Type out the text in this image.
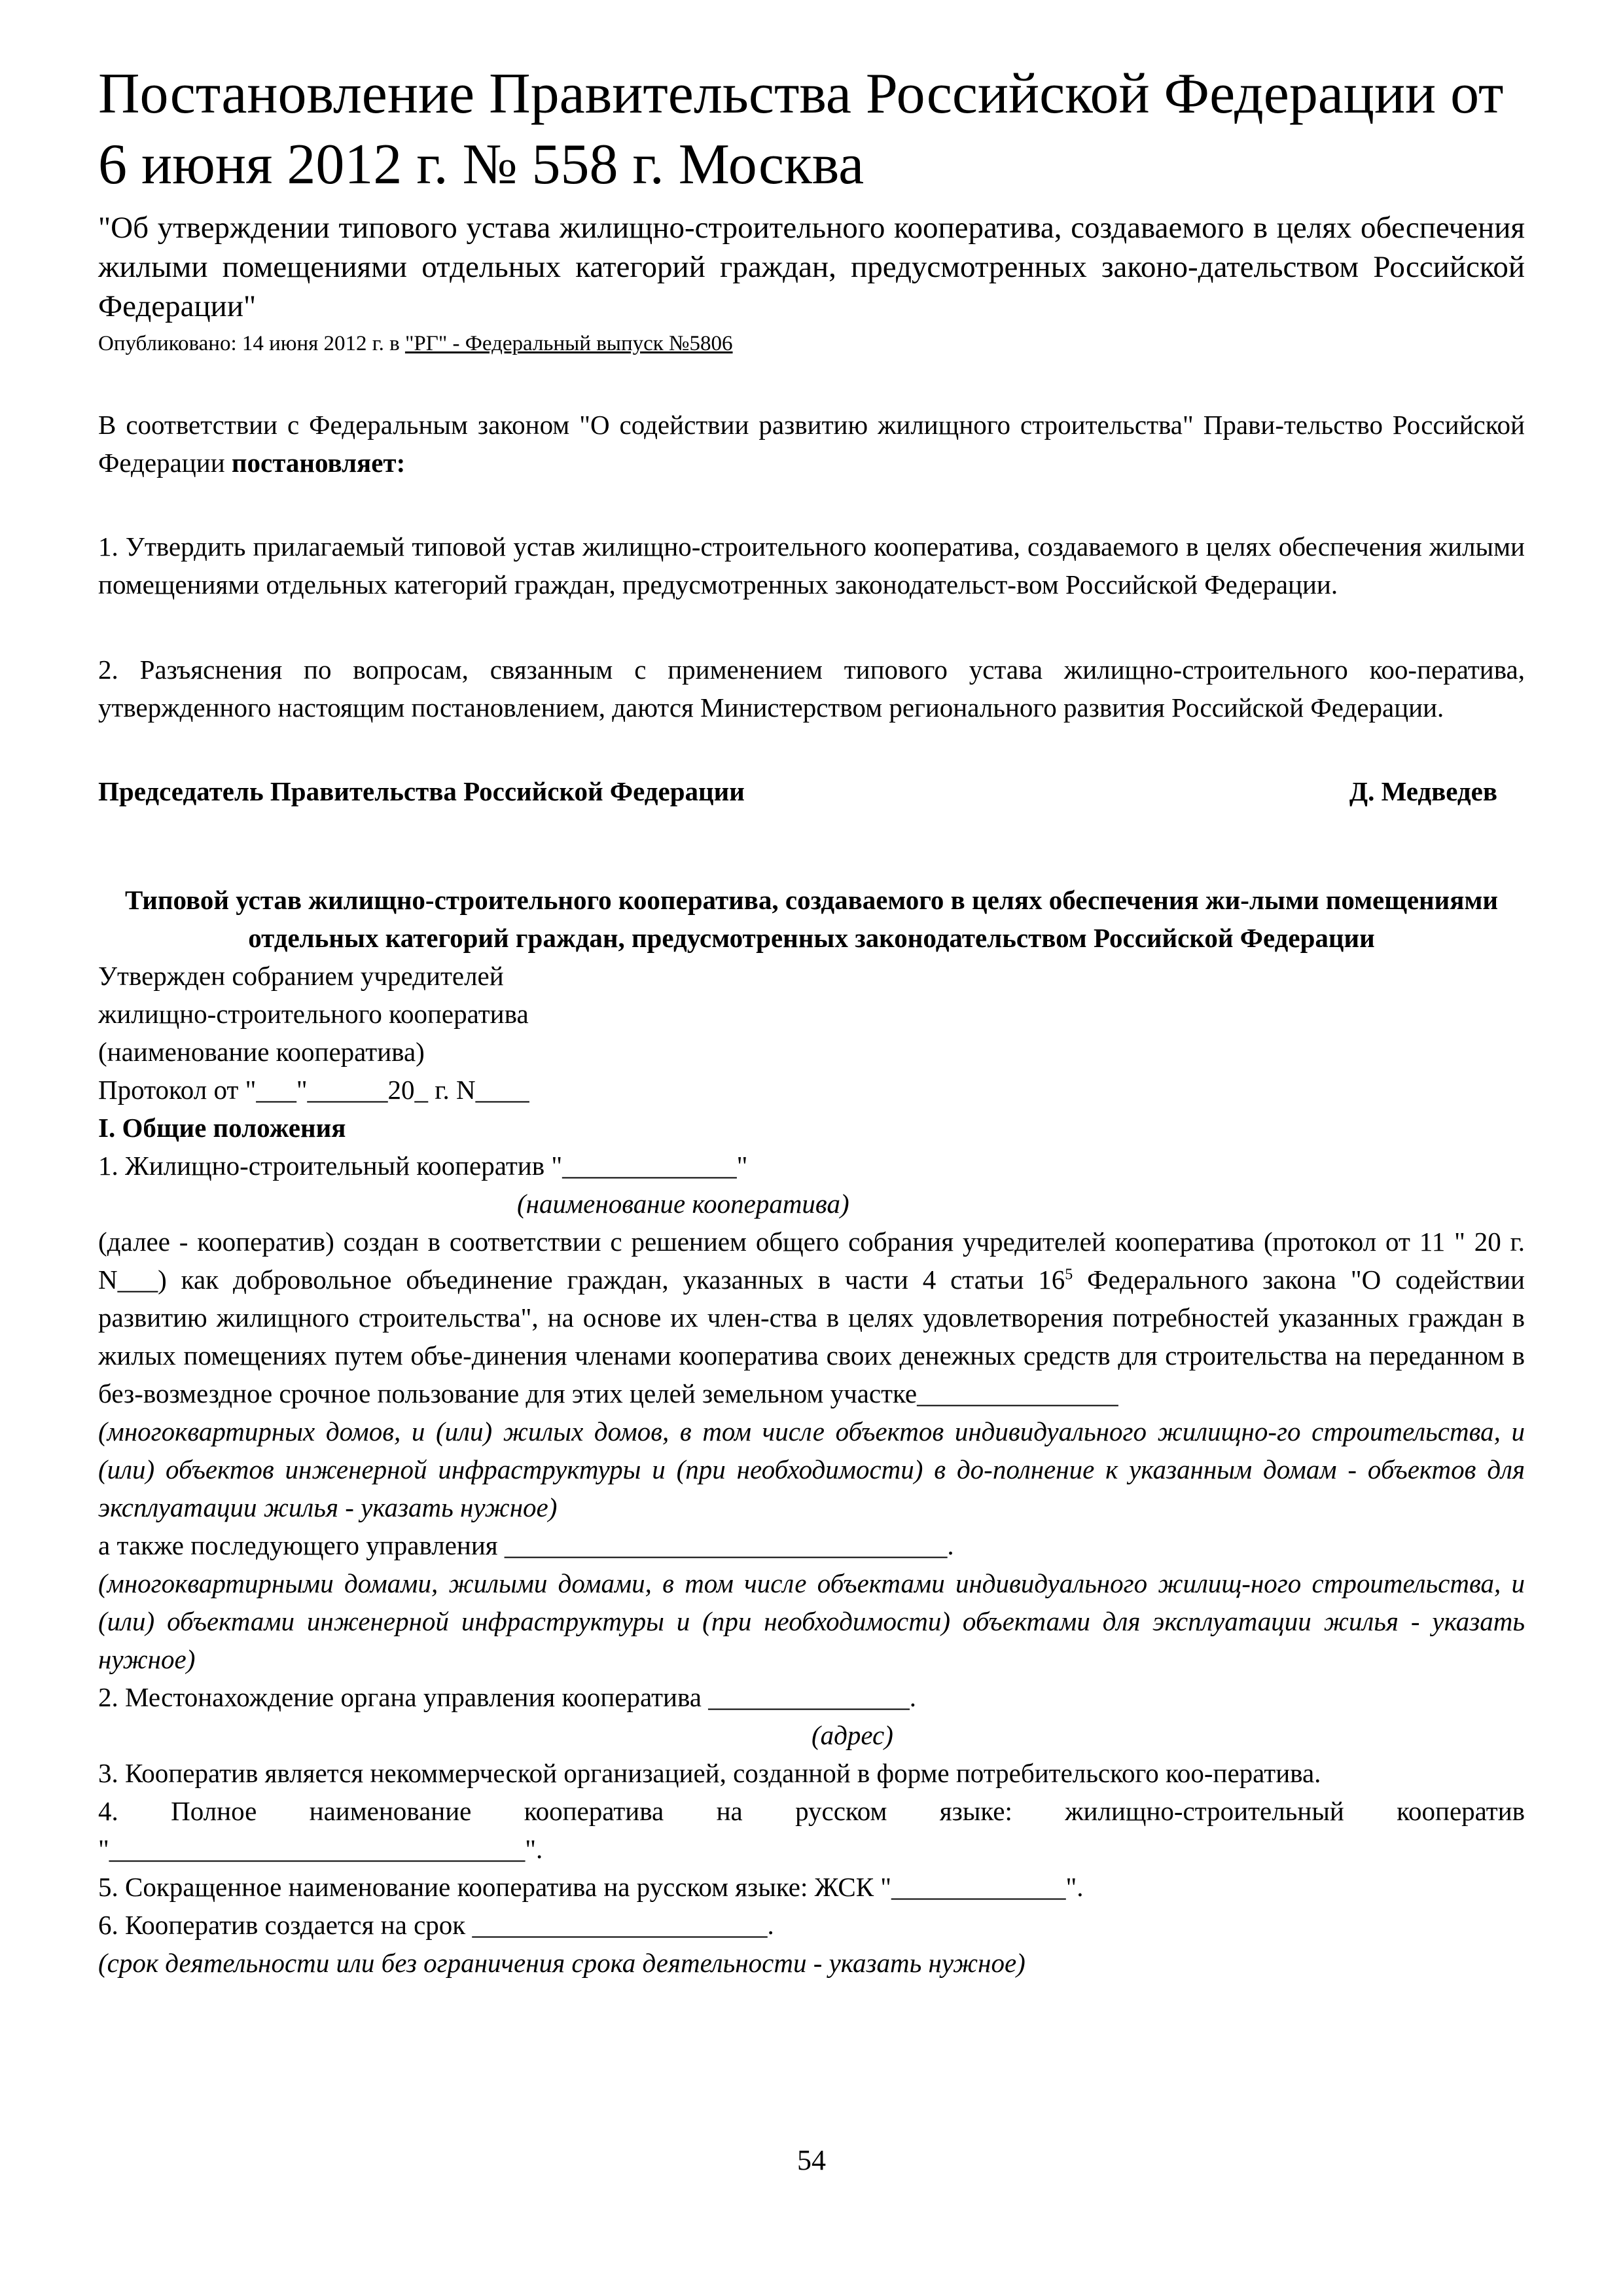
Постановление Правительства Российской Федерации от 6 июня 2012 г. № 558 г. Москва

"Об утверждении типового устава жилищно-строительного кооператива, создаваемого в целях обеспечения жилыми помещениями отдельных категорий граждан, предусмотренных законо-дательством Российской Федерации"

Опубликовано: 14 июня 2012 г. в "РГ" - Федеральный выпуск №5806

В соответствии с Федеральным законом "О содействии развитию жилищного строительства" Прави-тельство Российской Федерации постановляет:

1. Утвердить прилагаемый типовой устав жилищно-строительного кооператива, создаваемого в целях обеспечения жилыми помещениями отдельных категорий граждан, предусмотренных законодательст-вом Российской Федерации.

2. Разъяснения по вопросам, связанным с применением типового устава жилищно-строительного коо-ператива, утвержденного настоящим постановлением, даются Министерством регионального развития Российской Федерации.

Председатель Правительства Российской Федерации	Д. Медведев
Типовой устав жилищно-строительного кооператива, создаваемого в целях обеспечения жи-лыми помещениями отдельных категорий граждан, предусмотренных законодательством Российской Федерации

Утвержден собранием учредителей

жилищно-строительного кооператива

(наименование кооператива)

Протокол от "___"______20_ г. N____

I. Общие положения

1. Жилищно-строительный кооператив "_____________"

(наименование кооператива)

(далее - кооператив) создан в соответствии с решением общего собрания учредителей кооператива (протокол от 11 " 20 г. N___) как добровольное объединение граждан, указанных в части 4 статьи $16^5$ Федерального закона "О содействии развитию жилищного строительства", на основе их член-ства в целях удовлетворения потребностей указанных граждан в жилых помещениях путем объе-динения членами кооператива своих денежных средств для строительства на переданном в без-возмездное срочное пользование для этих целей земельном участке_______________

(многоквартирных домов, и (или) жилых домов, в том числе объектов индивидуального жилищно-го строительства, и (или) объектов инженерной инфраструктуры и (при необходимости) в до-полнение к указанным домам - объектов для эксплуатации жилья - указать нужное)

а также последующего управления _________________________________.

(многоквартирными домами, жилыми домами, в том числе объектами индивидуального жилищ-ного строительства, и (или) объектами инженерной инфраструктуры и (при необходимости) объектами для эксплуатации жилья - указать нужное)

2. Местонахождение органа управления кооператива _______________.

(адрес)

3. Кооператив является некоммерческой организацией, созданной в форме потребительского коо-ператива.

4. Полное наименование кооператива на русском языке: жилищно-строительный кооператив "_______________________________".

5. Сокращенное наименование кооператива на русском языке: ЖСК "_____________".

6. Кооператив создается на срок ______________________.

(срок деятельности или без ограничения срока деятельности - указать нужное)

54
